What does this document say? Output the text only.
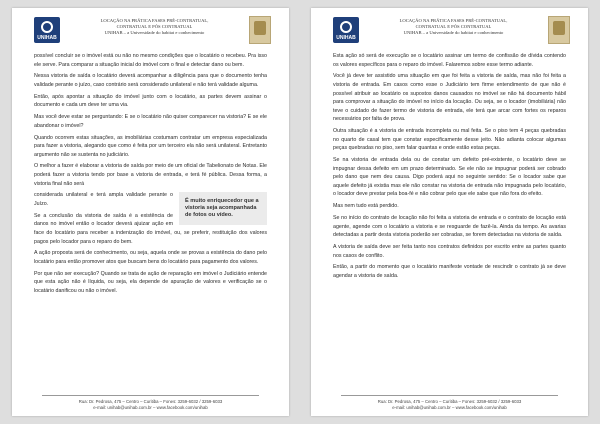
UNIHAB
LOCAÇÃO NA PRÁTICA FASES PRÉ-CONTRATUAL,
CONTRATUAL E PÓS CONTRATUAL
UNIHAB – a Universidade do habitat e conhecimento

possível concluir se o imóvel está ou não no mesmo condições que o locatário o recebeu. Pra isso ele serve. Para comparar a situação inicial do imóvel com o final e detectar dano ou bem.

Nessa vistoria de saída o locatário deverá acompanhar a diligência para que o documento tenha validade perante o juízo, caso contrário será considerado unilateral e não terá validade alguma.

Então, após apontar a situação do imóvel junto com o locatário, as partes devem assinar o documento e cada um deve ter uma via.

Mas você deve estar se perguntando: E se o locatário não quiser comparecer na vistoria? E se ele abandonar o imóvel?

Quando ocorrem estas situações, as imobiliárias costumam contratar um empresa especializada para fazer a vistoria, alegando que como é feita por um terceiro ela não será unilateral. Entretanto argumento não se sustenta no judiciário.

O melhor a fazer é elaborar a vistoria de saída por meio de um oficial de Tabelionato de Notas. Ele poderá fazer a vistoria tendo por base a vistoria de entrada, e terá fé pública. Dessa forma, a vistoria final não será

É muito enriquecedor que a vistoria seja acompanhada de fotos ou vídeo.

considerada unilateral e terá ampla validade perante o Juízo.

Se a conclusão da vistoria de saída é a existência de danos no imóvel então o locador deverá ajuizar ação em face do locatário para receber a indenização do imóvel, ou, se preferir, restituição dos valores pagos pelo locador para o reparo do bem.

A ação proposta será de conhecimento, ou seja, aquela onde se provas a existência do dano pelo locatário para então promover atos que buscam bens do locatário para pagamento dos valores.

Por que não ser execução? Quando se trata de ação de reparação em imóvel o Judiciário entende que esta ação não é líquida, ou seja, ela depende de apuração de valores e verificação se o locatário danificou ou não o imóvel.

Rua: Dr. Pedrosa, 475 – Centro – Curitiba – Fones: 3259-6032 / 3259-6033
e-mail: unihab@unihab.com.br – www.facebook.com/unihab
UNIHAB
LOCAÇÃO NA PRÁTICA FASES PRÉ-CONTRATUAL,
CONTRATUAL E PÓS CONTRATUAL
UNIHAB – a Universidade do habitat e conhecimento

Esta ação só será de execução se o locatário assinar um termo de confissão de dívida contendo os valores específicos para o reparo do imóvel. Falaremos sobre esse termo adiante.

Você já deve ter assistido uma situação em que foi feita a vistoria de saída, mas não foi feita a vistoria de entrada. Em casos como esse o Judiciário tem firme entendimento de que não é possível atribuir ao locatário os supostos danos causados no imóvel se não há documento hábil para comprovar a situação do imóvel no início da locação. Ou seja, se o locador (imobiliária) não teve o cuidado de fazer termo de vistoria de entrada, ele terá que arcar com fortes os reparos necessários por falta de prova.

Outra situação é a vistoria de entrada incompleta ou mal feita. Se o piso tem 4 peças quebradas no quarto de casal tem que constar especificamente desse jeito. Não adianta colocar algumas peças quebradas no piso, sem falar quantas e onde estão estas peças.

Se na vistoria de entrada dela ou de constar um defeito pré-existente, o locatário deve se impugnar dessa defeito em um prazo determinado. Se ele não se impugnar poderá ser cobrado pelo dano que nem deu causa. Digo poderá aqui no seguinte sentido: Se o locador sabe que aquele defeito já existia mas ele não constar na vistoria de entrada não impugnada pelo locatário, o locador deve prestar pela boa-fé e não cobrar pelo que ele sabe que não fora do efeito.

Mas nem tudo está perdido.

Se no início do contrato de locação não foi feita a vistoria de entrada e o contrato de locação está agente, agende com o locatário a vistoria e se resguarde de fazê-la. Ainda da tempo. As avarias detectadas a partir desta vistoria poderão ser cobradas, se forem detectadas na vistoria de saída.

A vistoria de saída deve ser feita tanto nos contratos definidos por escrito entre as partes quanto nos casos de conflito.

Então, a partir do momento que o locatário manifeste vontade de rescindir o contrato já se deve agendar a vistoria de saída.

Rua: Dr. Pedrosa, 475 – Centro – Curitiba – Fones: 3259-6032 / 3259-6033
e-mail: unihab@unihab.com.br – www.facebook.com/unihab
